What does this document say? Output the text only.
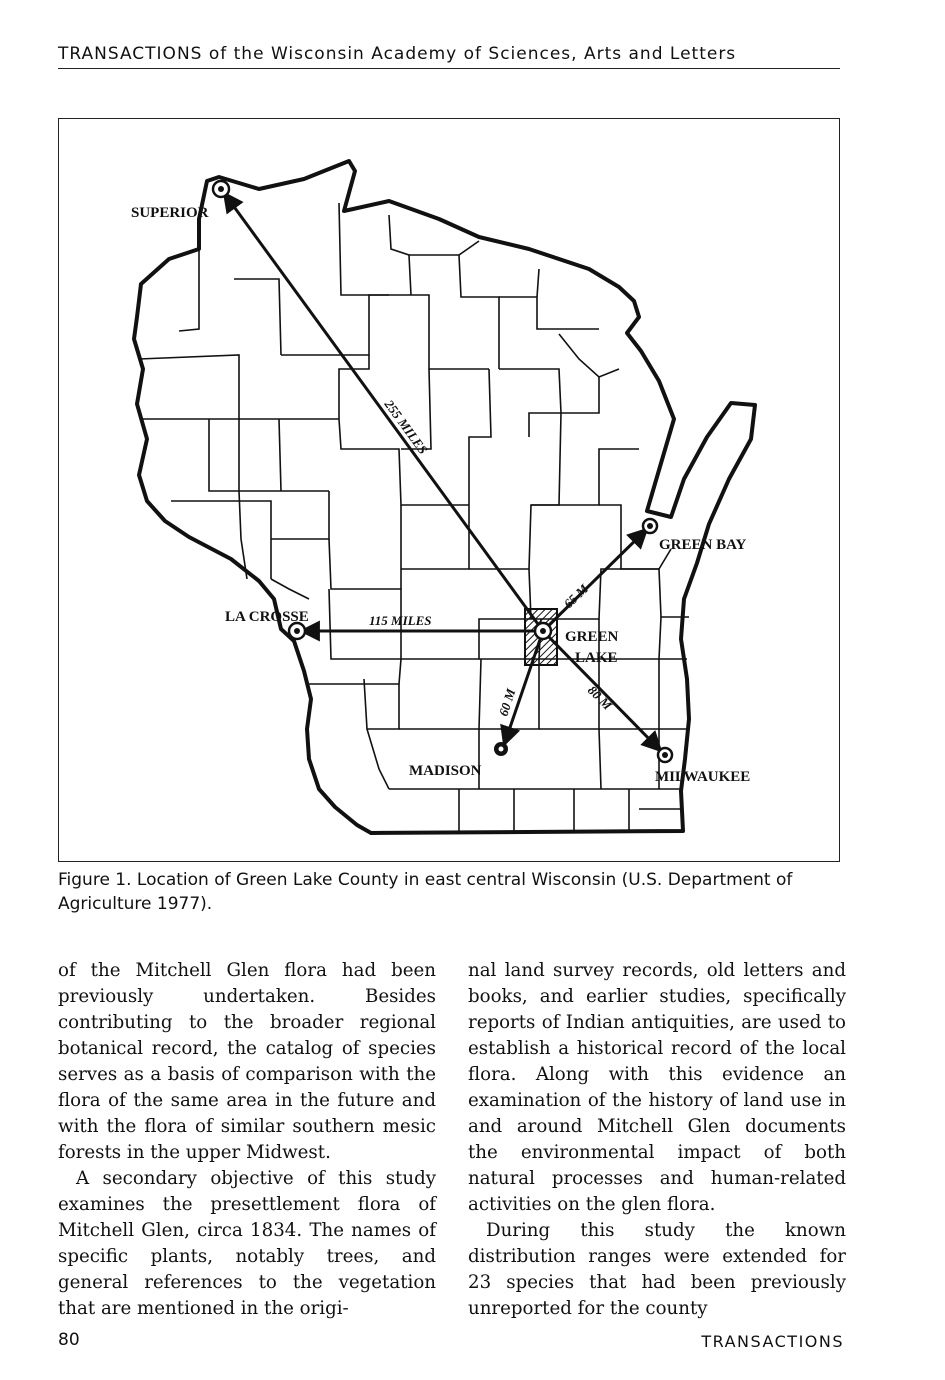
TRANSACTIONS of the Wisconsin Academy of Sciences, Arts and Letters
SUPERIOR
GREEN BAY
LA CROSSE
GREEN
LAKE
MADISON	MILWAUKEE
255 MILES
115 MILES
65 M
60 M	80 M
Figure 1. Location of Green Lake County in east central Wisconsin (U.S. Department of Agriculture 1977).

of the Mitchell Glen flora had been previously undertaken. Besides contributing to the broader regional botanical record, the catalog of species serves as a basis of comparison with the flora of the same area in the future and with the flora of similar southern mesic forests in the upper Midwest.

A secondary objective of this study examines the presettlement flora of Mitchell Glen, circa 1834. The names of specific plants, notably trees, and general references to the vegetation that are mentioned in the origi-

nal land survey records, old letters and books, and earlier studies, specifically reports of Indian antiquities, are used to establish a historical record of the local flora. Along with this evidence an examination of the history of land use in and around Mitchell Glen documents the environmental impact of both natural processes and human-related activities on the glen flora.

During this study the known distribution ranges were extended for 23 species that had been previously unreported for the county

80	TRANSACTIONS
